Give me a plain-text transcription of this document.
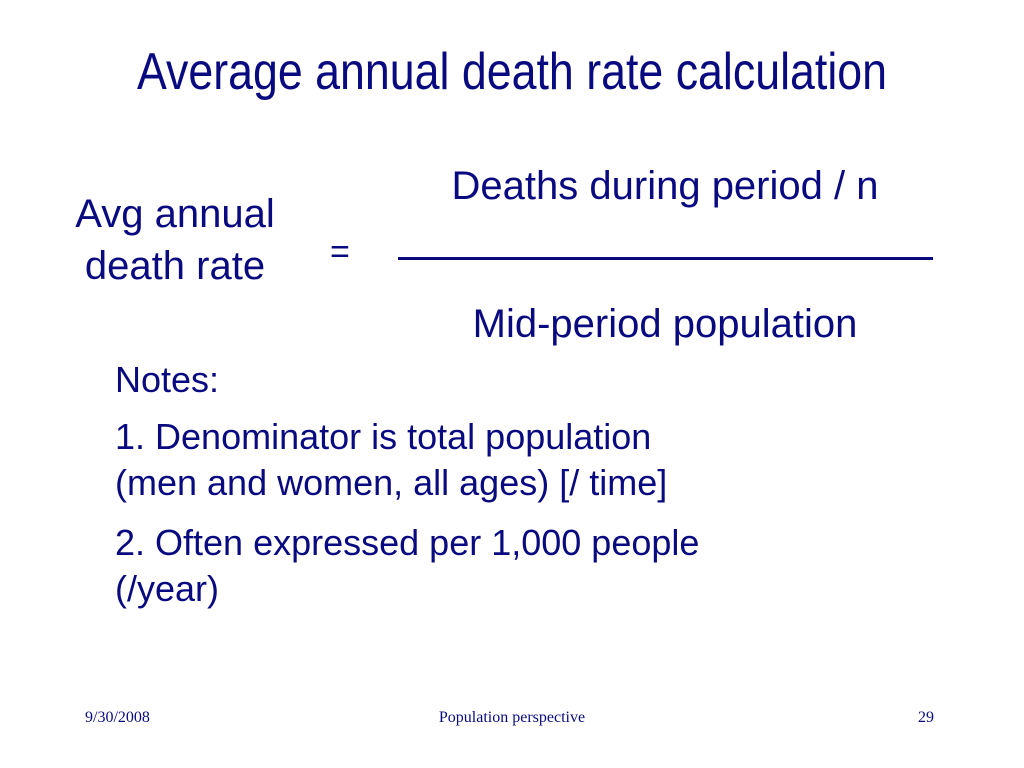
Average annual death rate calculation
Avg annual
death rate	=
Deaths during period / n
Mid-period population
Notes:
1. Denominator is total population
(men and women, all ages) [/ time]
2. Often expressed per 1,000 people
(/year)
9/30/2008	Population perspective	29
